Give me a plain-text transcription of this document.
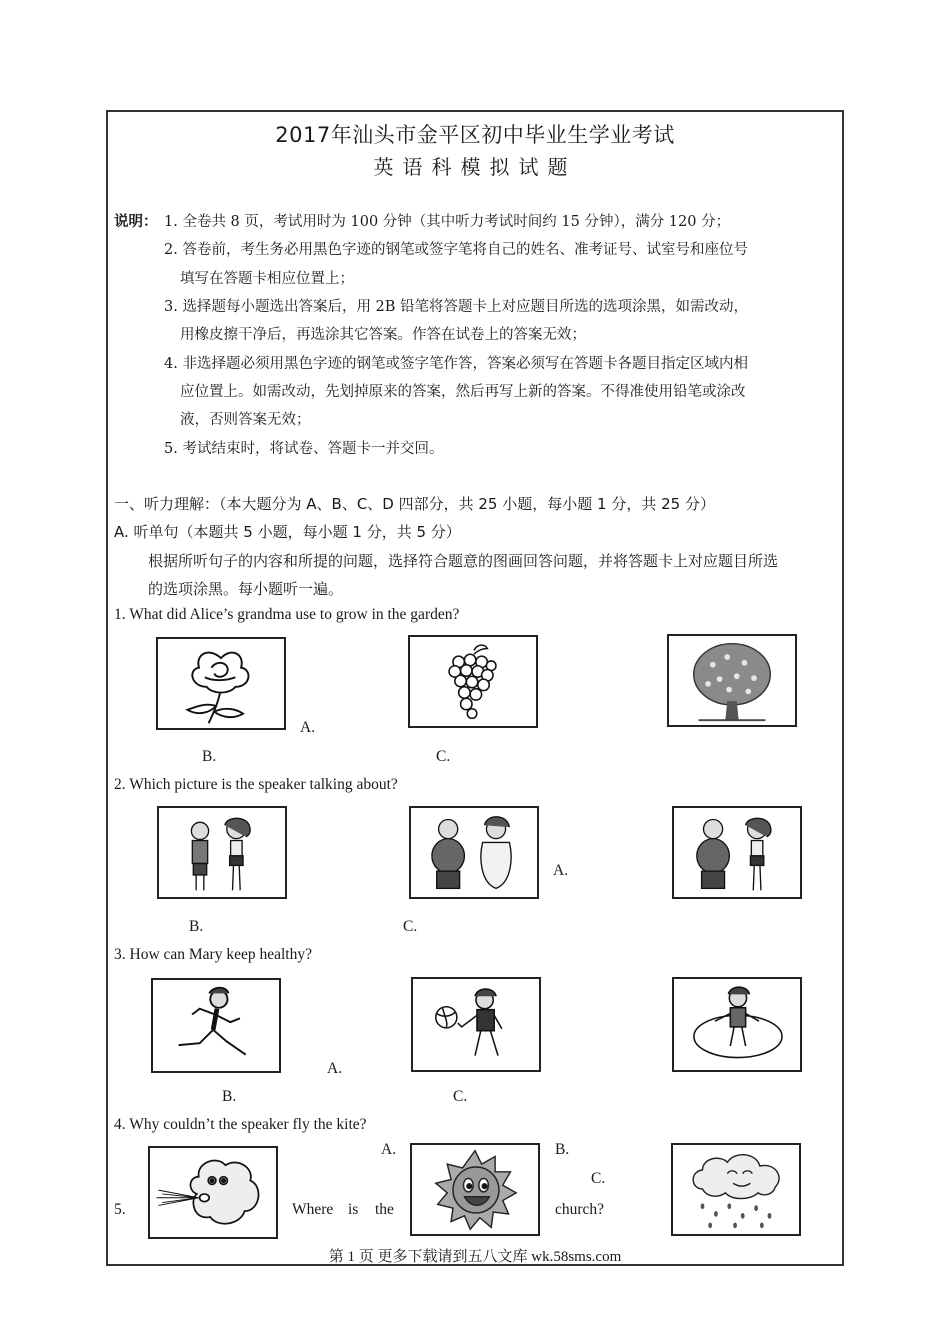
2017年汕头市金平区初中毕业生学业考试
英语科模拟试题
说明： 1. 全卷共 8 页，考试用时为 100 分钟（其中听力考试时间约 15 分钟），满分 120 分；
2. 答卷前，考生务必用黑色字迹的钢笔或签字笔将自己的姓名、准考证号、试室号和座位号
填写在答题卡相应位置上；
3. 选择题每小题选出答案后，用 2B 铅笔将答题卡上对应题目所选的选项涂黑，如需改动，
用橡皮擦干净后，再选涂其它答案。作答在试卷上的答案无效；
4. 非选择题必须用黑色字迹的钢笔或签字笔作答，答案必须写在答题卡各题目指定区域内相
应位置上。如需改动，先划掉原来的答案，然后再写上新的答案。不得准使用铅笔或涂改
液，否则答案无效；
5. 考试结束时，将试卷、答题卡一并交回。
一、听力理解：（本大题分为 A、B、C、D 四部分，共 25 小题，每小题 1 分，共 25 分）
A. 听单句（本题共 5 小题，每小题 1 分，共 5 分）
根据所听句子的内容和所提的问题，选择符合题意的图画回答问题，并将答题卡上对应题目所选
的选项涂黑。每小题听一遍。
1. What did Alice’s grandma use to grow in the garden?
A.
B.	C.
2. Which picture is the speaker talking about?
A.
B.	C.
3. How can Mary keep healthy?
A.
B.	C.
4. Why couldn’t the speaker fly the kite?
A.	B.
C.
5.	Where is the	church?
第 1 页 更多下载请到五八文库 wk.58sms.com
